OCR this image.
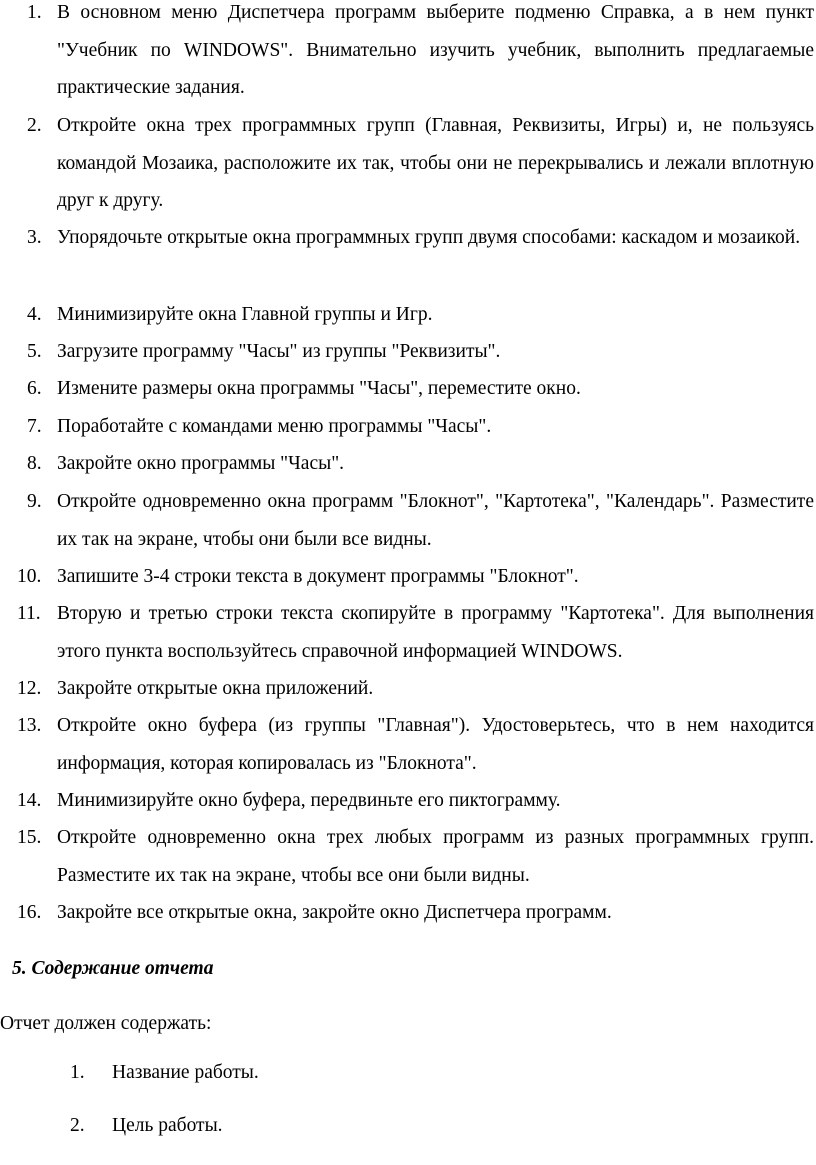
1. В основном меню Диспетчера программ выберите подменю Справка, а в нем пункт "Учебник по WINDOWS". Внимательно изучить учебник, выполнить предлагаемые практические задания.
2. Откройте окна трех программных групп (Главная, Реквизиты, Игры) и, не пользуясь командой Мозаика, расположите их так, чтобы они не перекрывались и лежали вплотную друг к другу.
3. Упорядочьте открытые окна программных групп двумя способами: каскадом и мозаикой.
4. Минимизируйте окна Главной группы и Игр.
5. Загрузите программу "Часы" из группы "Реквизиты".
6. Измените размеры окна программы "Часы", переместите окно.
7. Поработайте с командами меню программы "Часы".
8. Закройте окно программы "Часы".
9. Откройте одновременно окна программ "Блокнот", "Картотека", "Календарь". Разместите их так на экране, чтобы они были все видны.
10. Запишите 3-4 строки текста в документ программы "Блокнот".
11. Вторую и третью строки текста скопируйте в программу "Картотека". Для выполнения этого пункта воспользуйтесь справочной информацией WINDOWS.
12. Закройте открытые окна приложений.
13. Откройте окно буфера (из группы "Главная"). Удостоверьтесь, что в нем находится информация, которая копировалась из "Блокнота".
14. Минимизируйте окно буфера, передвиньте его пиктограмму.
15. Откройте одновременно окна трех любых программ из разных программных групп. Разместите их так на экране, чтобы все они были видны.
16. Закройте все открытые окна, закройте окно Диспетчера программ.
5. Содержание отчета

Отчет должен содержать:

1. Название работы.
2. Цель работы.
